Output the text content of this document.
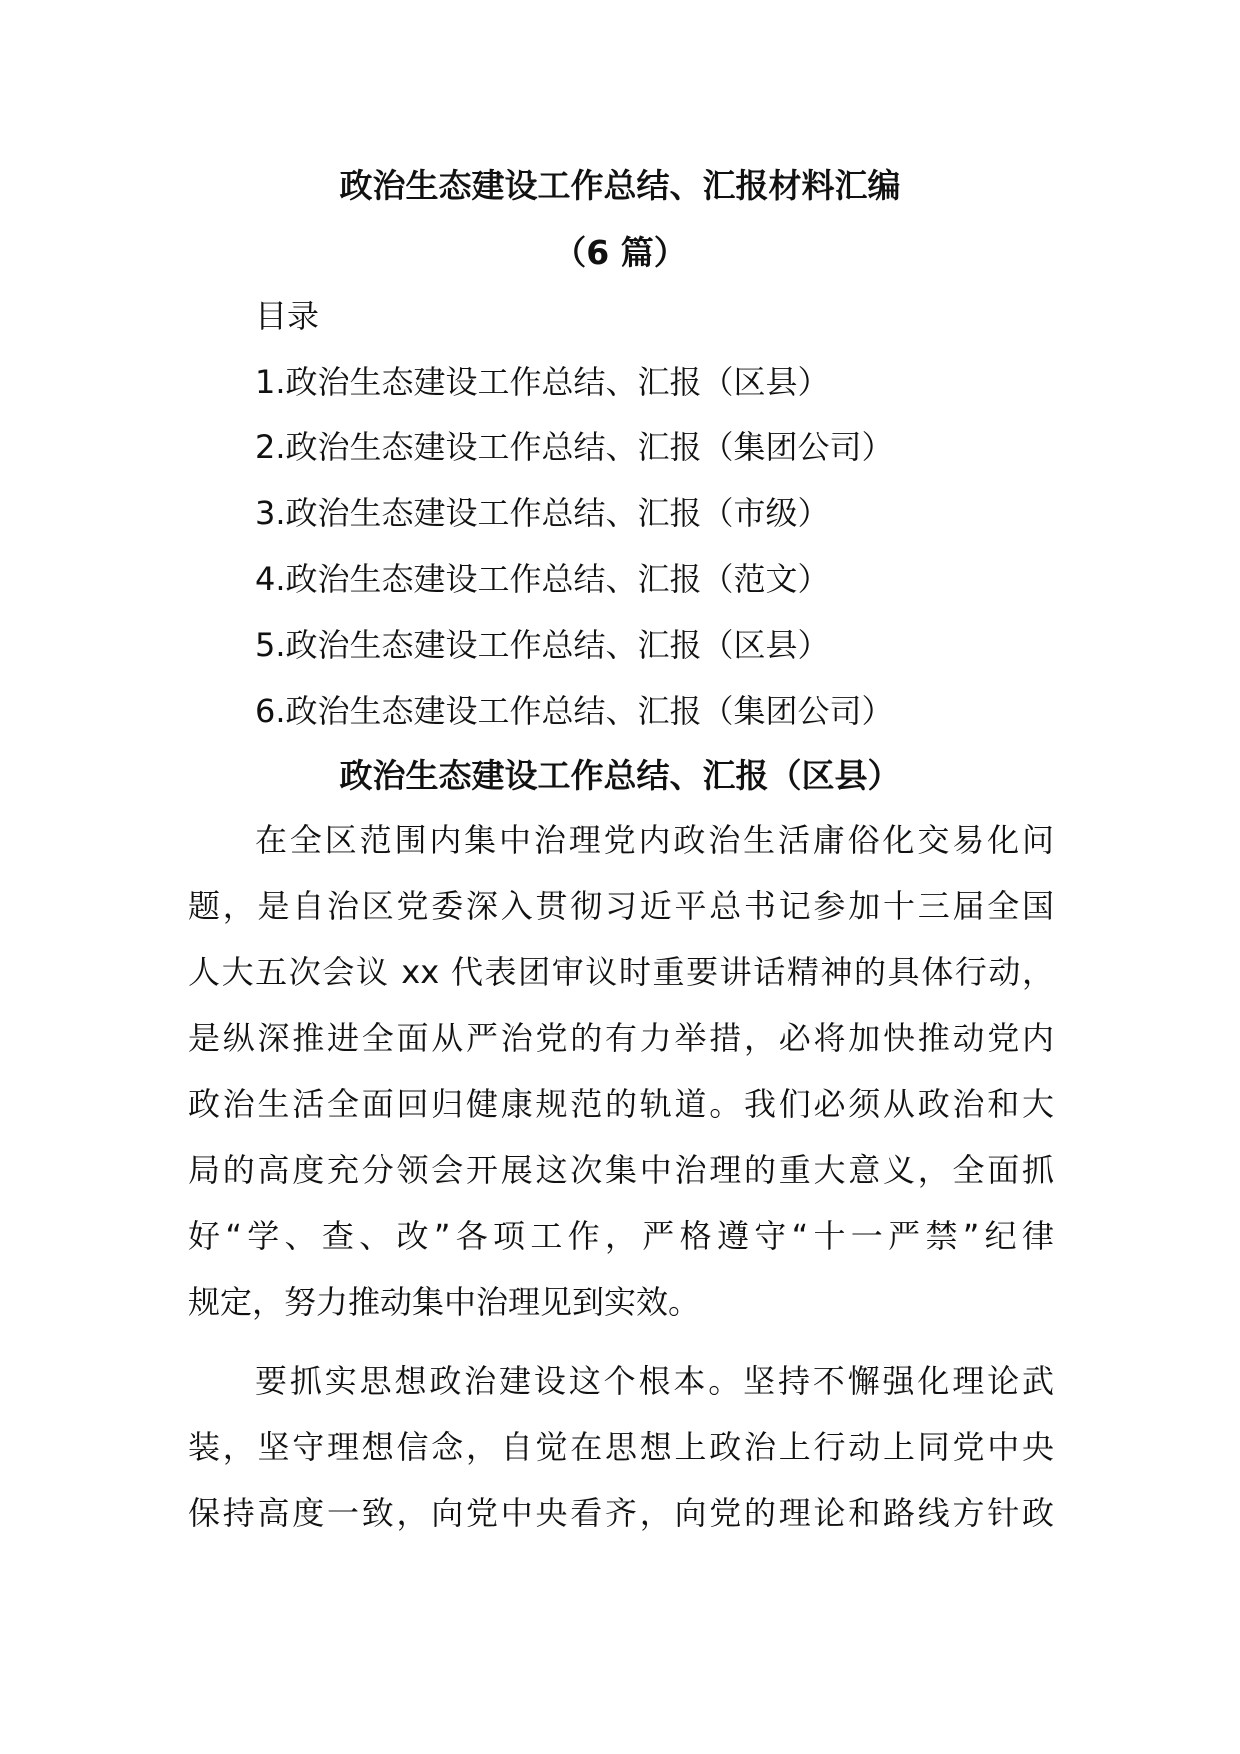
政治生态建设工作总结、汇报材料汇编
（6 篇）
目录
1.政治生态建设工作总结、汇报（区县）
2.政治生态建设工作总结、汇报（集团公司）
3.政治生态建设工作总结、汇报（市级）
4.政治生态建设工作总结、汇报（范文）
5.政治生态建设工作总结、汇报（区县）
6.政治生态建设工作总结、汇报（集团公司）
政治生态建设工作总结、汇报（区县）
在全区范围内集中治理党内政治生活庸俗化交易化问
题，是自治区党委深入贯彻习近平总书记参加十三届全国
人大五次会议 xx 代表团审议时重要讲话精神的具体行动，
是纵深推进全面从严治党的有力举措，必将加快推动党内
政治生活全面回归健康规范的轨道。我们必须从政治和大
局的高度充分领会开展这次集中治理的重大意义，全面抓
好“学、查、改”各项工作，严格遵守“十一严禁”纪律
规定，努力推动集中治理见到实效。
要抓实思想政治建设这个根本。坚持不懈强化理论武
装，坚守理想信念，自觉在思想上政治上行动上同党中央
保持高度一致，向党中央看齐，向党的理论和路线方针政
